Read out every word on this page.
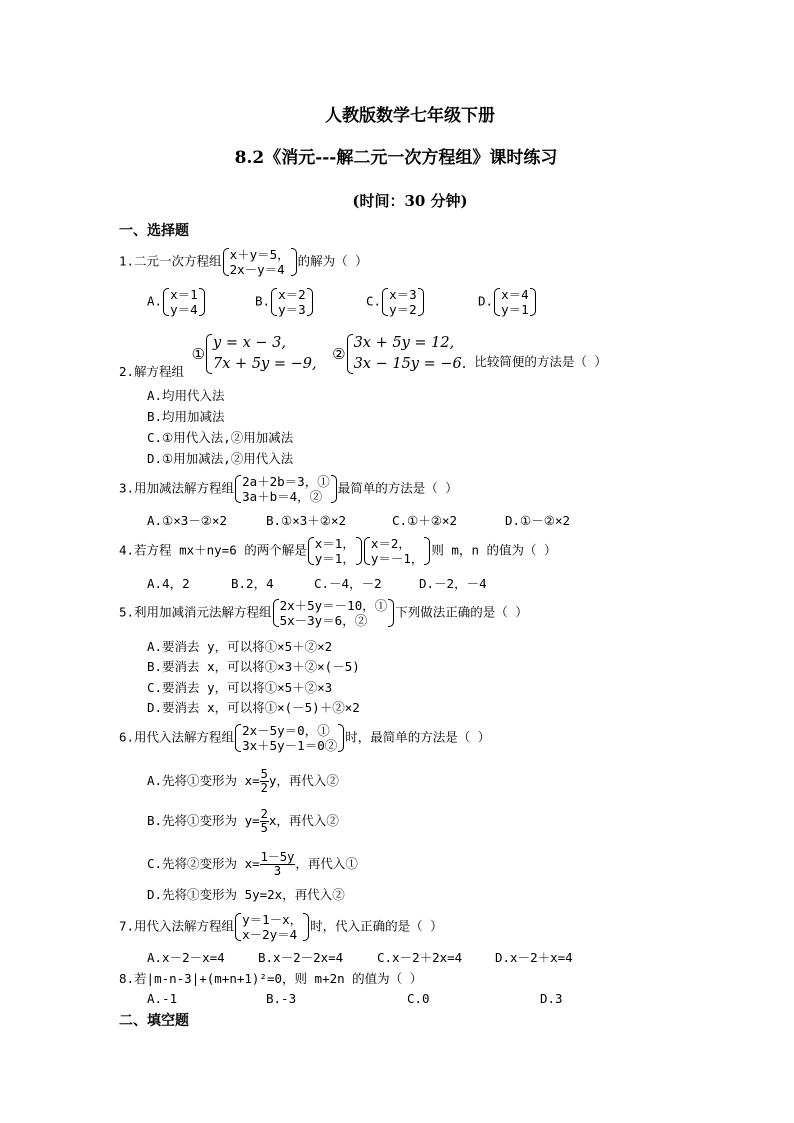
人教版数学七年级下册
8.2《消元---解二元一次方程组》课时练习
(时间：30 分钟)
一、选择题
1.二元一次方程组 x＋y＝5，
2x－y＝4
的解为（ ）
A. x＝1
y＝4
B. x＝2
y＝3
C. x＝3
y＝2
D. x＝4
y＝1
2.解方程组 ①
y = x − 3,
7x + 5y = −9,
②
3x + 5y = 12,
3x − 15y = −6. 比较简便的方法是（ ）
A.均用代入法
B.均用加减法
C.①用代入法,②用加减法
D.①用加减法,②用代入法
3.用加减法解方程组 2a＋2b＝3，①
3a＋b＝4，②
最简单的方法是（ ）
A.①×3－②×2	B.①×3＋②×2	C.①＋②×2	D.①－②×2
4.若方程 mx＋ny=6 的两个解是 x＝1，
y＝1，
x＝2，
y＝－1，
则 m，n 的值为（ ）
A.4，2	B.2，4	C.－4，－2	D.－2，－4
5.利用加减消元法解方程组 2x＋5y＝－10，①
5x－3y＝6，②
下列做法正确的是（ ）
A.要消去 y，可以将①×5＋②×2
B.要消去 x，可以将①×3＋②×(－5)
C.要消去 y，可以将①×5＋②×3
D.要消去 x，可以将①×(－5)＋②×2
6.用代入法解方程组 2x－5y＝0，①
3x＋5y－1＝0②
时，最简单的方法是（ ）
A.先将①变形为 $x= \frac{5}{2}$ y，再代入②
B.先将①变形为 $y= \frac{2}{5}$ x，再代入②
C.先将②变形为 $x= \frac{1-5y}{3}$ ，再代入①
D.先将①变形为 5y=2x，再代入②
7.用代入法解方程组 y＝1－x，
x－2y＝4
时，代入正确的是（ ）
A.x－2－x=4	B.x－2－2x=4	C.x－2＋2x=4	D.x－2＋x=4
8.若|m-n-3|+(m+n+1)²=0，则 m+2n 的值为（ ）
A.-1	B.-3	C.0	D.3
二、填空题
